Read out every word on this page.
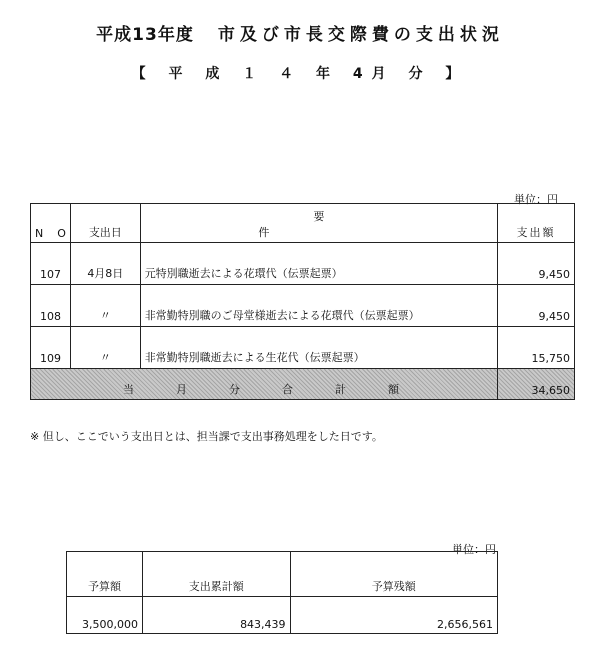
平成13年度 市及び市長交際費の支出状況
【 平 成 １ ４ 年 4月 分 】
単位：円
N O	支出日	要件	支出額
107	4月8日	元特別職逝去による花環代（伝票起票）	9,450
108	〃	非常勤特別職のご母堂様逝去による花環代（伝票起票）	9,450
109	〃	非常勤特別職逝去による生花代（伝票起票）	15,750
当月分合計額			34,650
※ 但し、ここでいう支出日とは、担当課で支出事務処理をした日です。
単位：円
予算額	支出累計額	予算残額
3,500,000	843,439	2,656,561
